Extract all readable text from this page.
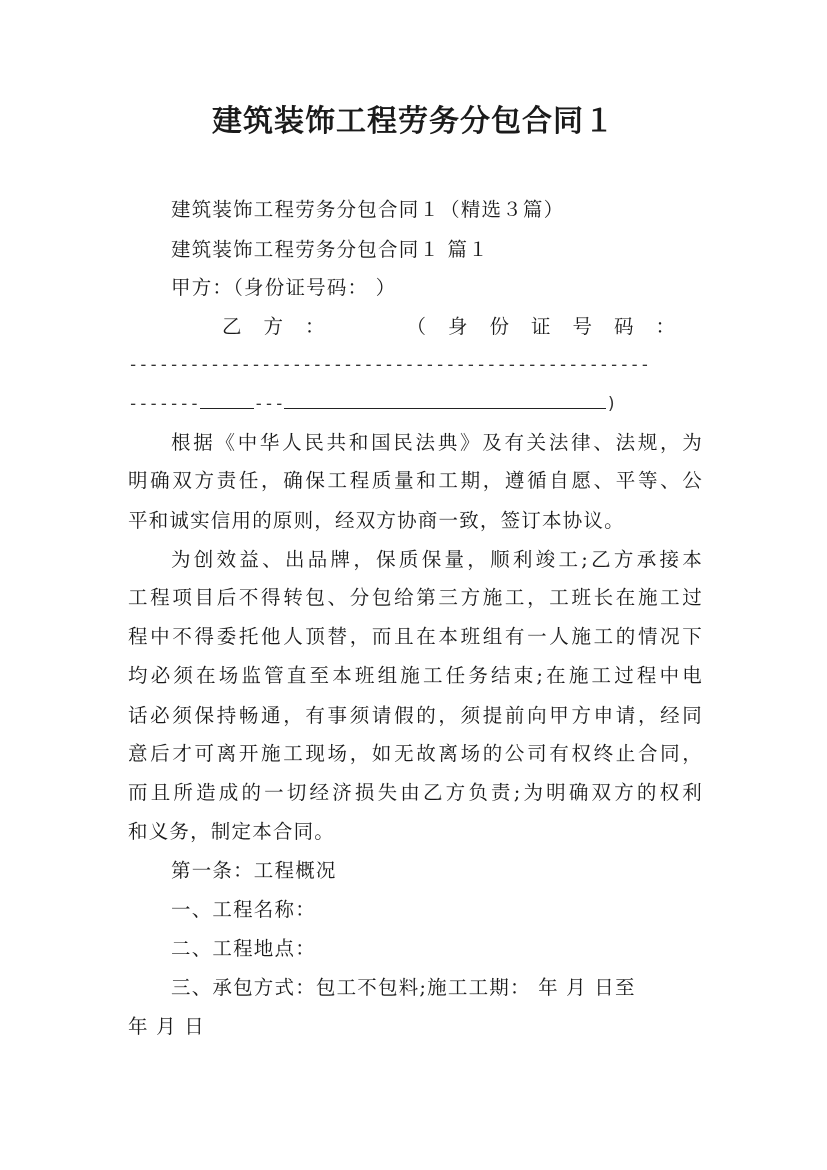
建筑装饰工程劳务分包合同１
建筑装饰工程劳务分包合同１（精选３篇）
建筑装饰工程劳务分包合同１ 篇１
甲方：（身份证号码： ）
乙方：	（身份证号码：
---------------------------------------------------
-------	---	)
根据《中华人民共和国民法典》及有关法律、法规，为
明确双方责任，确保工程质量和工期，遵循自愿、平等、公
平和诚实信用的原则，经双方协商一致，签订本协议。
为创效益、出品牌，保质保量，顺利竣工;乙方承接本
工程项目后不得转包、分包给第三方施工，工班长在施工过
程中不得委托他人顶替，而且在本班组有一人施工的情况下
均必须在场监管直至本班组施工任务结束;在施工过程中电
话必须保持畅通，有事须请假的，须提前向甲方申请，经同
意后才可离开施工现场，如无故离场的公司有权终止合同，
而且所造成的一切经济损失由乙方负责;为明确双方的权利
和义务，制定本合同。
第一条：工程概况
一、工程名称：
二、工程地点：
三、承包方式：包工不包料;施工工期： 年 月 日至
年 月 日
